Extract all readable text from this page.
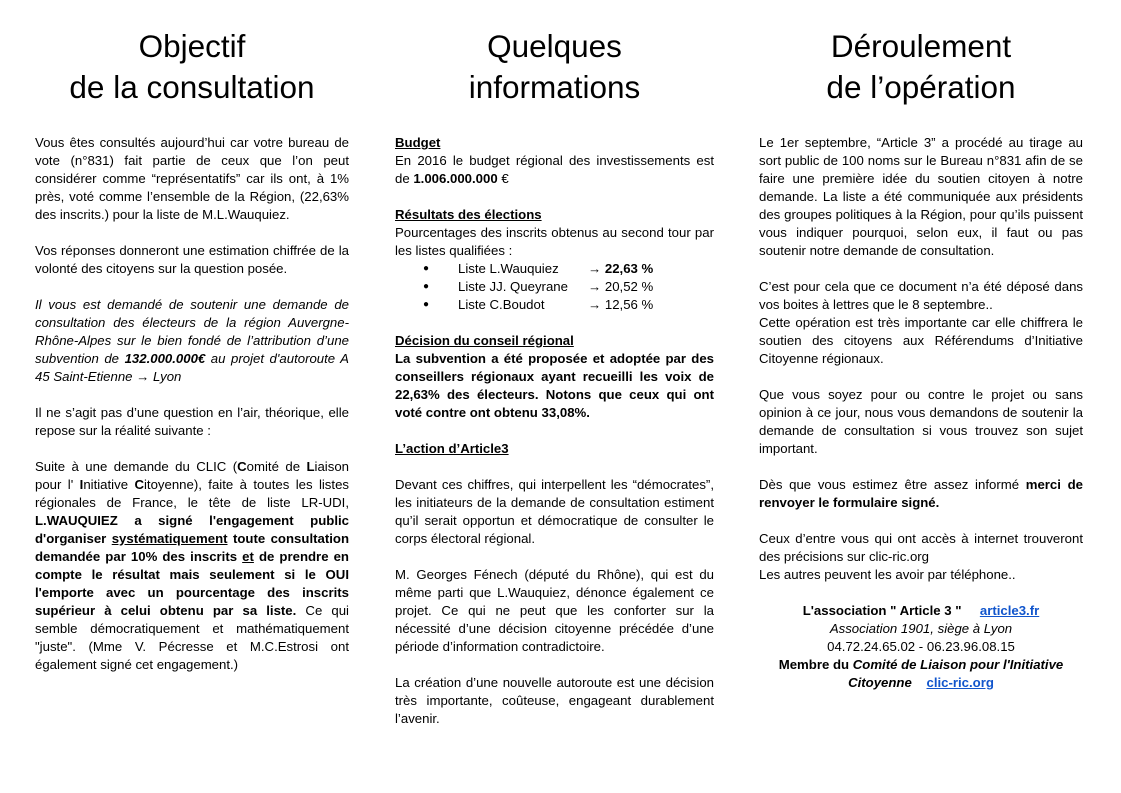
Objectif
de la consultation

Vous êtes consultés aujourd’hui car votre bureau de vote (n°831) fait partie de ceux que l’on peut considérer comme “représentatifs” car ils ont, à 1% près, voté comme l’ensemble de la Région, (22,63% des inscrits.) pour la liste de M.L.Wauquiez.

Vos réponses donneront une estimation chiffrée de la volonté des citoyens sur la question posée.

Il vous est demandé de soutenir une demande de consultation des électeurs de la région Auvergne-Rhône-Alpes sur le bien fondé de l’attribution d’une subvention de 132.000.000€ au projet d'autoroute A 45 Saint-Etienne → Lyon

Il ne s’agit pas d’une question en l’air, théorique, elle repose sur la réalité suivante :

Suite à une demande du CLIC (Comité de Liaison pour l' Initiative Citoyenne), faite à toutes les listes régionales de France, le tête de liste LR-UDI, L.WAUQUIEZ a signé l'engagement public d'organiser systématiquement toute consultation demandée par 10% des inscrits et de prendre en compte le résultat mais seulement si le OUI l'emporte avec un pourcentage des inscrits supérieur à celui obtenu par sa liste. Ce qui semble démocratiquement et mathématiquement "juste". (Mme V. Pécresse et M.C.Estrosi ont également signé cet engagement.)

Quelques
informations

Budget
En 2016 le budget régional des investissements est de 1.006.000.000 €

Résultats des élections
Pourcentages des inscrits obtenus au second tour par les listes qualifiées :
● Liste L.Wauquiez → 22,63 %
● Liste JJ. Queyrane → 20,52 %
● Liste C.Boudot	→ 12,56 %

Décision du conseil régional
La subvention a été proposée et adoptée par des conseillers régionaux ayant recueilli les voix de 22,63% des électeurs. Notons que ceux qui ont voté contre ont obtenu 33,08%.

L’action d’Article3

Devant ces chiffres, qui interpellent les “démocrates”, les initiateurs de la demande de consultation estiment qu’il serait opportun et démocratique de consulter le corps électoral régional.

M. Georges Fénech (député du Rhône), qui est du même parti que L.Wauquiez, dénonce également ce projet. Ce qui ne peut que les conforter sur la nécessité d’une décision citoyenne précédée d’une période d’information contradictoire.

La création d’une nouvelle autoroute est une décision très importante, coûteuse, engageant durablement l’avenir.

Déroulement
de l’opération

Le 1er septembre, “Article 3” a procédé au tirage au sort public de 100 noms sur le Bureau n°831 afin de se faire une première idée du soutien citoyen à notre demande. La liste a été communiquée aux présidents des groupes politiques à la Région, pour qu’ils puissent vous indiquer pourquoi, selon eux, il faut ou pas soutenir notre demande de consultation.

C’est pour cela que ce document n’a été déposé dans vos boites à lettres que le 8 septembre..
Cette opération est très importante car elle chiffrera le soutien des citoyens aux Référendums d’Initiative Citoyenne régionaux.

Que vous soyez pour ou contre le projet ou sans opinion à ce jour, nous vous demandons de soutenir la demande de consultation si vous trouvez son sujet important.

Dès que vous estimez être assez informé merci de renvoyer le formulaire signé.

Ceux d’entre vous qui ont accès à internet trouveront des précisions sur clic-ric.org
Les autres peuvent les avoir par téléphone..

L'association " Article 3 " article3.fr
Association 1901, siège à Lyon
04.72.24.65.02 - 06.23.96.08.15
Membre du Comité de Liaison pour l'Initiative Citoyenne clic-ric.org
